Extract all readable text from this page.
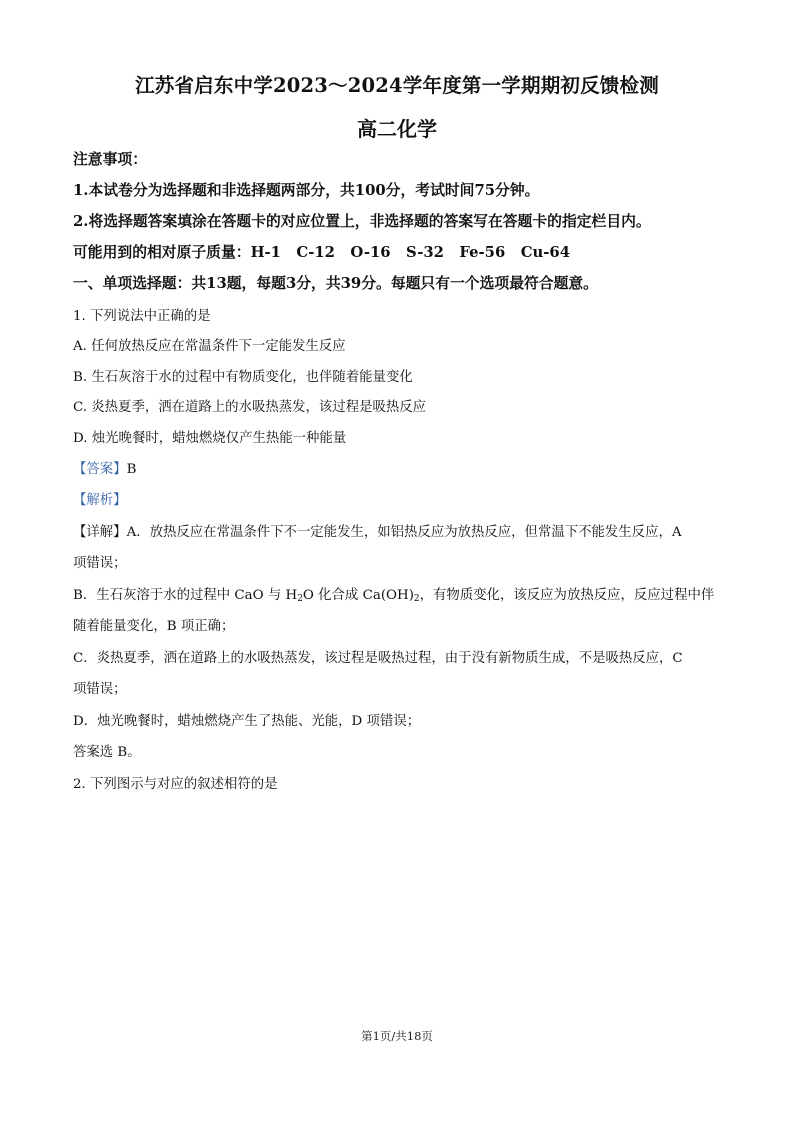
江苏省启东中学2023～2024学年度第一学期期初反馈检测
高二化学
注意事项：
1.本试卷分为选择题和非选择题两部分，共100分，考试时间75分钟。
2.将选择题答案填涂在答题卡的对应位置上，非选择题的答案写在答题卡的指定栏目内。
可能用到的相对原子质量：H-1   C-12   O-16   S-32   Fe-56   Cu-64
一、单项选择题：共13题，每题3分，共39分。每题只有一个选项最符合题意。
1. 下列说法中正确的是
A. 任何放热反应在常温条件下一定能发生反应
B. 生石灰溶于水的过程中有物质变化，也伴随着能量变化
C. 炎热夏季，洒在道路上的水吸热蒸发，该过程是吸热反应
D. 烛光晚餐时，蜡烛燃烧仅产生热能一种能量
【答案】B
【解析】
【详解】A．放热反应在常温条件下不一定能发生，如铝热反应为放热反应，但常温下不能发生反应，A
项错误；
B．生石灰溶于水的过程中 CaO 与 $H_2O$ 化合成 $Ca(OH)_2$，有物质变化，该反应为放热反应，反应过程中伴
随着能量变化，B 项正确；
C．炎热夏季，洒在道路上的水吸热蒸发，该过程是吸热过程，由于没有新物质生成，不是吸热反应，C
项错误；
D．烛光晚餐时，蜡烛燃烧产生了热能、光能，D 项错误；
答案选 B。
2. 下列图示与对应的叙述相符的是
第1页/共18页
